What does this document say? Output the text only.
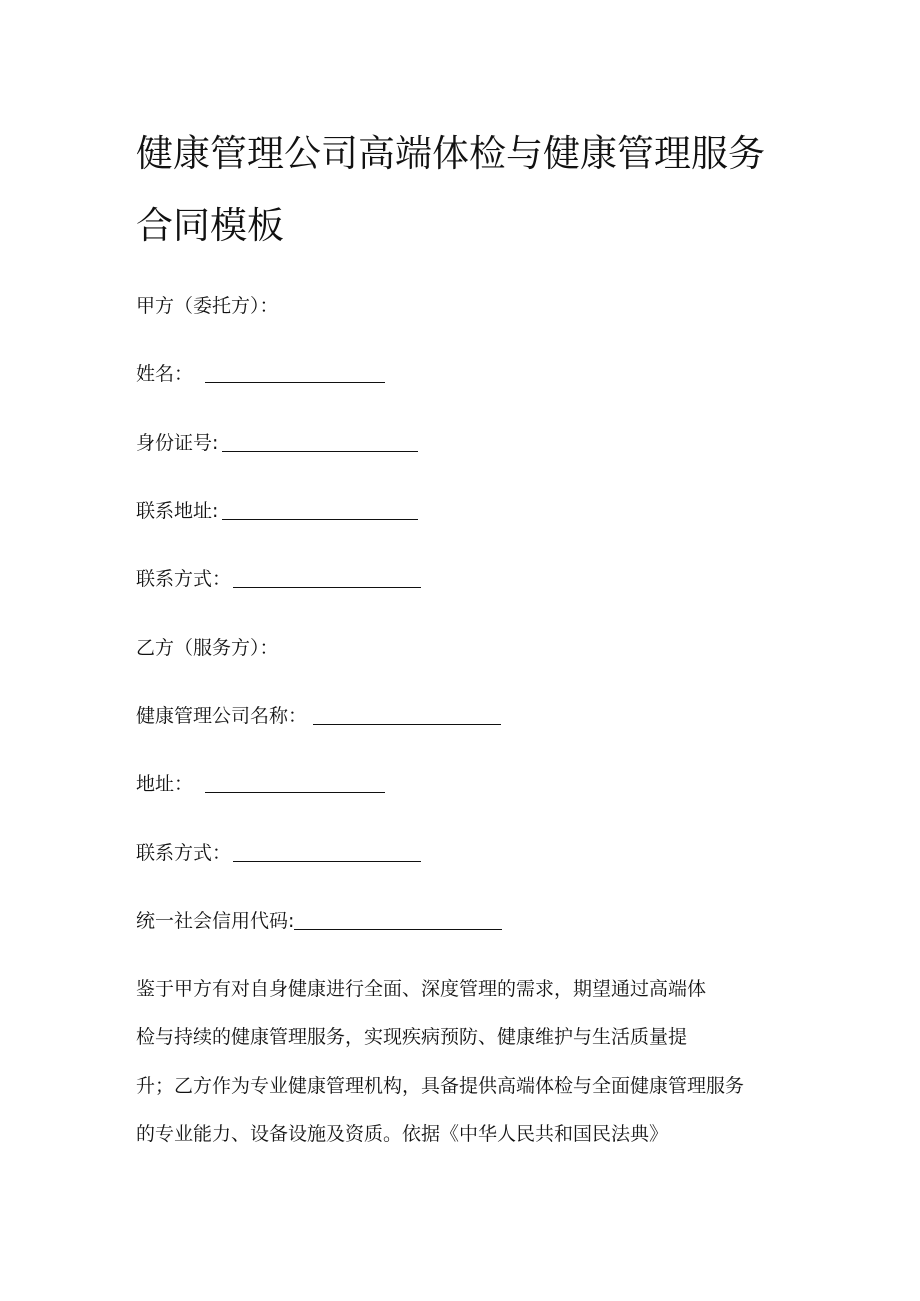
健康管理公司高端体检与健康管理服务
合同模板
甲方（委托方）：
姓名：
身份证号:
联系地址:
联系方式：
乙方（服务方）：
健康管理公司名称：
地址：
联系方式：
统一社会信用代码:
鉴于甲方有对自身健康进行全面、深度管理的需求，期望通过高端体
检与持续的健康管理服务，实现疾病预防、健康维护与生活质量提
升；乙方作为专业健康管理机构，具备提供高端体检与全面健康管理服务
的专业能力、设备设施及资质。依据《中华人民共和国民法典》
